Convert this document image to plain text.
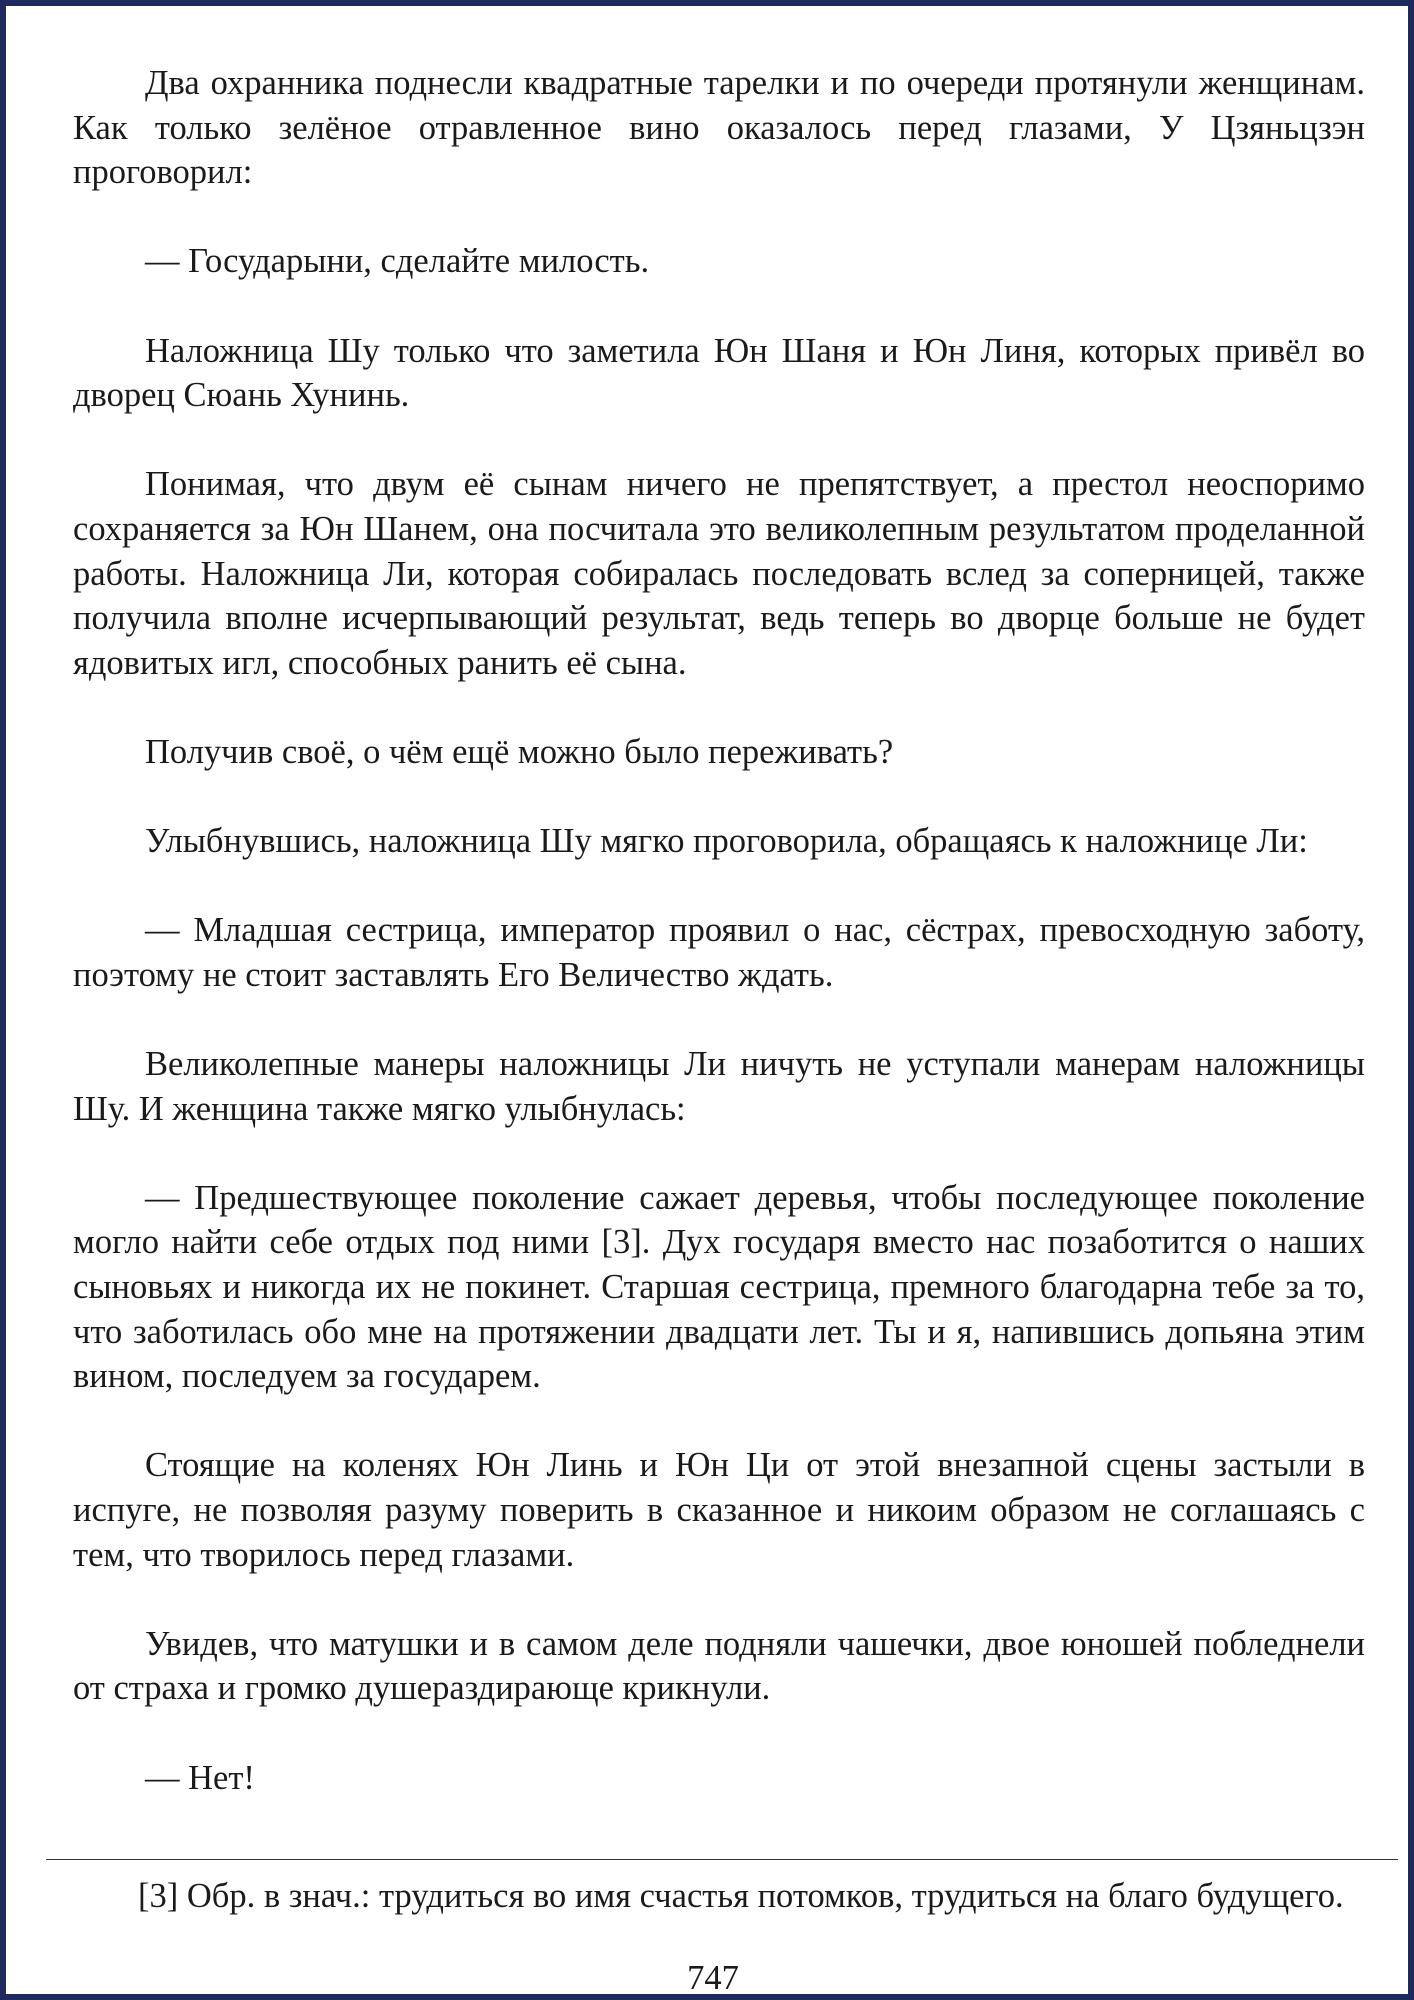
Два охранника поднесли квадратные тарелки и по очереди протянули женщинам. Как только зелёное отравленное вино оказалось перед глазами, У Цзяньцзэн проговорил:

— Государыни, сделайте милость.

Наложница Шу только что заметила Юн Шаня и Юн Линя, которых привёл во дворец Сюань Хунинь.

Понимая, что двум её сынам ничего не препятствует, а престол неоспоримо сохраняется за Юн Шанем, она посчитала это великолепным результатом проделанной работы. Наложница Ли, которая собиралась последовать вслед за соперницей, также получила вполне исчерпывающий результат, ведь теперь во дворце больше не будет ядовитых игл, способных ранить её сына.

Получив своё, о чём ещё можно было переживать?

Улыбнувшись, наложница Шу мягко проговорила, обращаясь к наложнице Ли:

— Младшая сестрица, император проявил о нас, сёстрах, превосходную заботу, поэтому не стоит заставлять Его Величество ждать.

Великолепные манеры наложницы Ли ничуть не уступали манерам наложницы Шу. И женщина также мягко улыбнулась:

— Предшествующее поколение сажает деревья, чтобы последующее поколение могло найти себе отдых под ними [3]. Дух государя вместо нас позаботится о наших сыновьях и никогда их не покинет. Старшая сестрица, премного благодарна тебе за то, что заботилась обо мне на протяжении двадцати лет. Ты и я, напившись допьяна этим вином, последуем за государем.

Стоящие на коленях Юн Линь и Юн Ци от этой внезапной сцены застыли в испуге, не позволяя разуму поверить в сказанное и никоим образом не соглашаясь с тем, что творилось перед глазами.

Увидев, что матушки и в самом деле подняли чашечки, двое юношей побледнели от страха и громко душераздирающе крикнули.

— Нет!

[3] Обр. в знач.: трудиться во имя счастья потомков, трудиться на благо будущего.

747
